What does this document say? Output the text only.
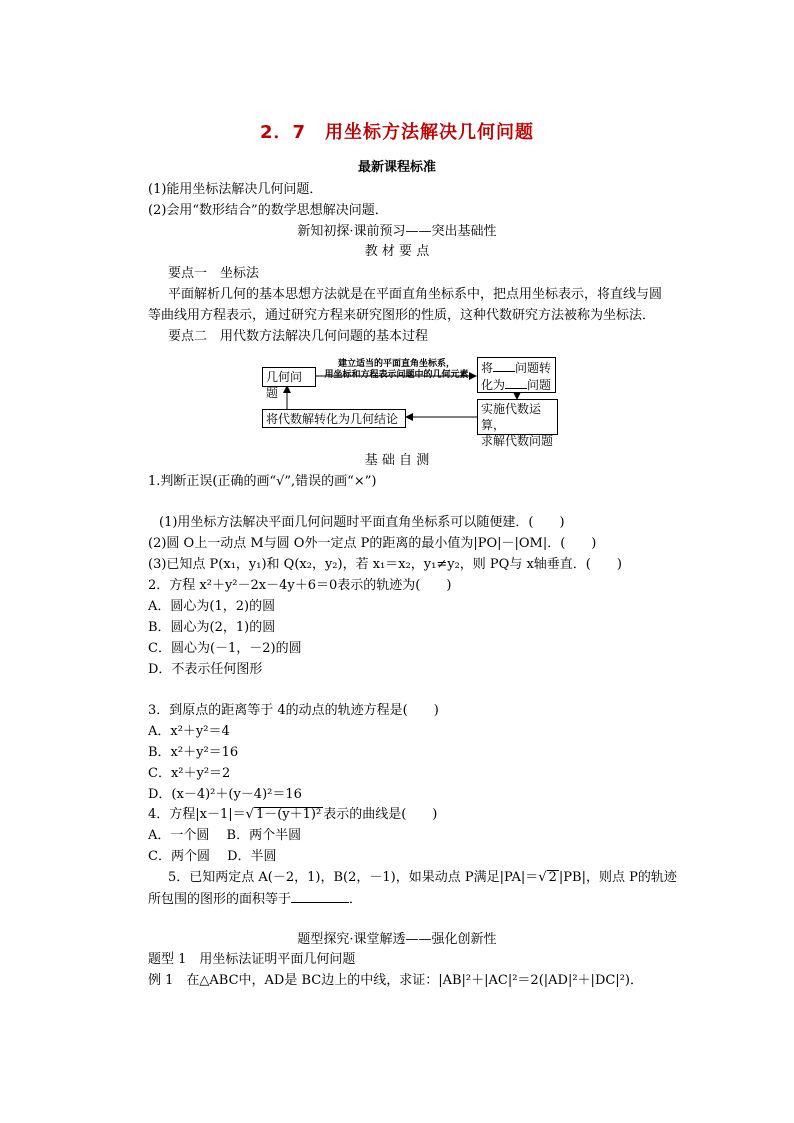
2．7　用坐标方法解决几何问题
最新课程标准
(1)能用坐标法解决几何问题．
(2)会用“数形结合”的数学思想解决问题．
新知初探·课前预习——突出基础性
教 材 要 点
要点一　坐标法
平面解析几何的基本思想方法就是在平面直角坐标系中，把点用坐标表示，将直线与圆
等曲线用方程表示，通过研究方程来研究图形的性质，这种代数研究方法被称为坐标法．
要点二　用代数方法解决几何问题的基本过程
几何问题
建立适当的平面直角坐标系，
用坐标和方程表示问题中的几何元素	将 问题转
化为 问题
实施代数运算，
求解代数问题
将代数解转化为几何结论
基 础 自 测
1.判断正误(正确的画“√”,错误的画“×”)
(1)用坐标方法解决平面几何问题时平面直角坐标系可以随便建．(　　)
(2)圆 O上一动点 M与圆 O外一定点 P的距离的最小值为|PO|－|OM|．(　　)
(3)已知点 P(x₁，y₁)和 Q(x₂，y₂)，若 x₁＝x₂，y₁≠y₂，则 PQ与 x轴垂直．(　　)
2．方程 x²＋y²－2x－4y＋6＝0表示的轨迹为(　　)
A．圆心为(1，2)的圆
B．圆心为(2，1)的圆
C．圆心为(－1，－2)的圆
D．不表示任何图形
3．到原点的距离等于 4的动点的轨迹方程是(　　)
A．x²＋y²＝4
B．x²＋y²＝16
C．x²＋y²＝2
D．(x－4)²＋(y－4)²＝16
4．方程|x－1|＝√ 1－(y＋1)² 表示的曲线是(　　)
A．一个圆　 B．两个半圆
C．两个圆　 D．半圆
5．已知两定点 A(－2，1)，B(2，－1)，如果动点 P满足|PA|＝√ 2 |PB|，则点 P的轨迹
所包围的图形的面积等于	．
题型探究·课堂解透——强化创新性
题型 1　用坐标法证明平面几何问题
例 1　在△ABC中，AD是 BC边上的中线，求证：|AB|²＋|AC|²＝2(|AD|²＋|DC|²)．
